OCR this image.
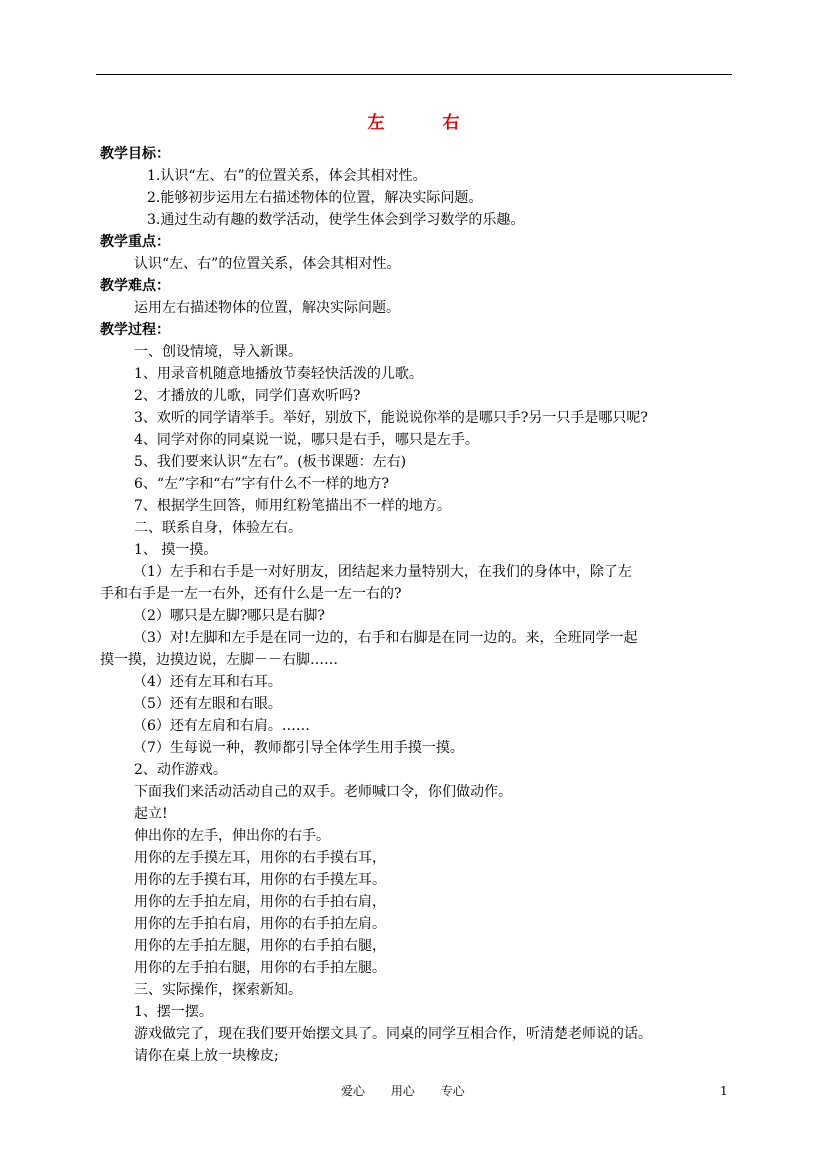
左 右
教学目标：
1.认识“左、右”的位置关系，体会其相对性。
2.能够初步运用左右描述物体的位置，解决实际问题。
3.通过生动有趣的数学活动，使学生体会到学习数学的乐趣。
教学重点：
认识“左、右”的位置关系，体会其相对性。
教学难点：
运用左右描述物体的位置，解决实际问题。
教学过程：
一、创设情境，导入新课。
1、用录音机随意地播放节奏轻快活泼的儿歌。
2、才播放的儿歌，同学们喜欢听吗?
3、欢听的同学请举手。举好，别放下，能说说你举的是哪只手?另一只手是哪只呢?
4、同学对你的同桌说一说，哪只是右手，哪只是左手。
5、我们要来认识“左右”。(板书课题：左右)
6、“左”字和“右”字有什么不一样的地方?
7、根据学生回答，师用红粉笔描出不一样的地方。
二、联系自身，体验左右。
1、 摸一摸。
（1）左手和右手是一对好朋友，团结起来力量特别大，在我们的身体中，除了左
手和右手是一左一右外，还有什么是一左一右的?
（2）哪只是左脚?哪只是右脚?
（3）对!左脚和左手是在同一边的，右手和右脚是在同一边的。来，全班同学一起
摸一摸，边摸边说，左脚－－右脚……
（4）还有左耳和右耳。
（5）还有左眼和右眼。
（6）还有左肩和右肩。……
（7）生每说一种，教师都引导全体学生用手摸一摸。
2、动作游戏。
下面我们来活动活动自己的双手。老师喊口令，你们做动作。
起立!
伸出你的左手，伸出你的右手。
用你的左手摸左耳，用你的右手摸右耳，
用你的左手摸右耳，用你的右手摸左耳。
用你的左手拍左肩，用你的右手拍右肩，
用你的左手拍右肩，用你的右手拍左肩。
用你的左手拍左腿，用你的右手拍右腿，
用你的左手拍右腿，用你的右手拍左腿。
三、实际操作，探索新知。
1、摆一摆。
游戏做完了，现在我们要开始摆文具了。同桌的同学互相合作，听清楚老师说的话。
请你在桌上放一块橡皮;
爱心 用心 专心	1
